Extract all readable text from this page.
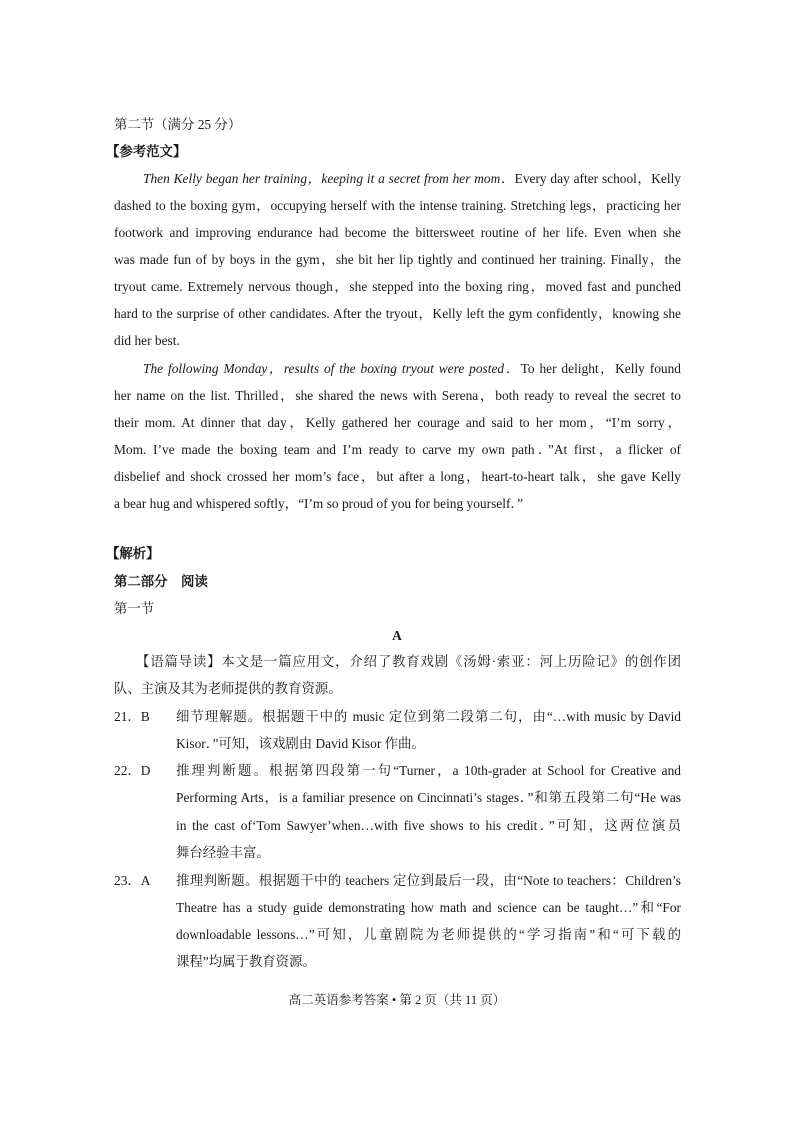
第二节（满分 25 分）
【参考范文】
Then Kelly began her training，keeping it a secret from her mom．Every day after school，Kelly
dashed to the boxing gym，occupying herself with the intense training. Stretching legs，practicing her
footwork and improving endurance had become the bittersweet routine of her life. Even when she
was made fun of by boys in the gym，she bit her lip tightly and continued her training. Finally，the
tryout came. Extremely nervous though，she stepped into the boxing ring，moved fast and punched
hard to the surprise of other candidates. After the tryout，Kelly left the gym confidently，knowing she
did her best.
The following Monday，results of the boxing tryout were posted．To her delight，Kelly found
her name on the list. Thrilled，she shared the news with Serena，both ready to reveal the secret to
their mom. At dinner that day，Kelly gathered her courage and said to her mom，“I’m sorry，
Mom. I’ve made the boxing team and I’m ready to carve my own path．”At first，a flicker of
disbelief and shock crossed her mom’s face，but after a long，heart-to-heart talk，she gave Kelly
a bear hug and whispered softly，“I’m so proud of you for being yourself．”
【解析】
第二部分　阅读
第一节
A
【语篇导读】本文是一篇应用文，介绍了教育戏剧《汤姆·索亚：河上历险记》的创作团
队、主演及其为老师提供的教育资源。
21．B 细节理解题。根据题干中的 music 定位到第二段第二句，由“…with music by David
Kisor．”可知，该戏剧由 David Kisor 作曲。
22．D 推理判断题。根据第四段第一句“Turner，a 10th-grader at School for Creative and
Performing Arts，is a familiar presence on Cincinnati’s stages．”和第五段第二句“He was
in the cast of‘Tom Sawyer’when…with five shows to his credit．”可知，这两位演员
舞台经验丰富。
23．A 推理判断题。根据题干中的 teachers 定位到最后一段，由“Note to teachers：Children’s
Theatre has a study guide demonstrating how math and science can be taught…”和“For
downloadable lessons…”可知，儿童剧院为老师提供的“学习指南”和“可下载的
课程”均属于教育资源。
高二英语参考答案 • 第 2 页（共 11 页）
